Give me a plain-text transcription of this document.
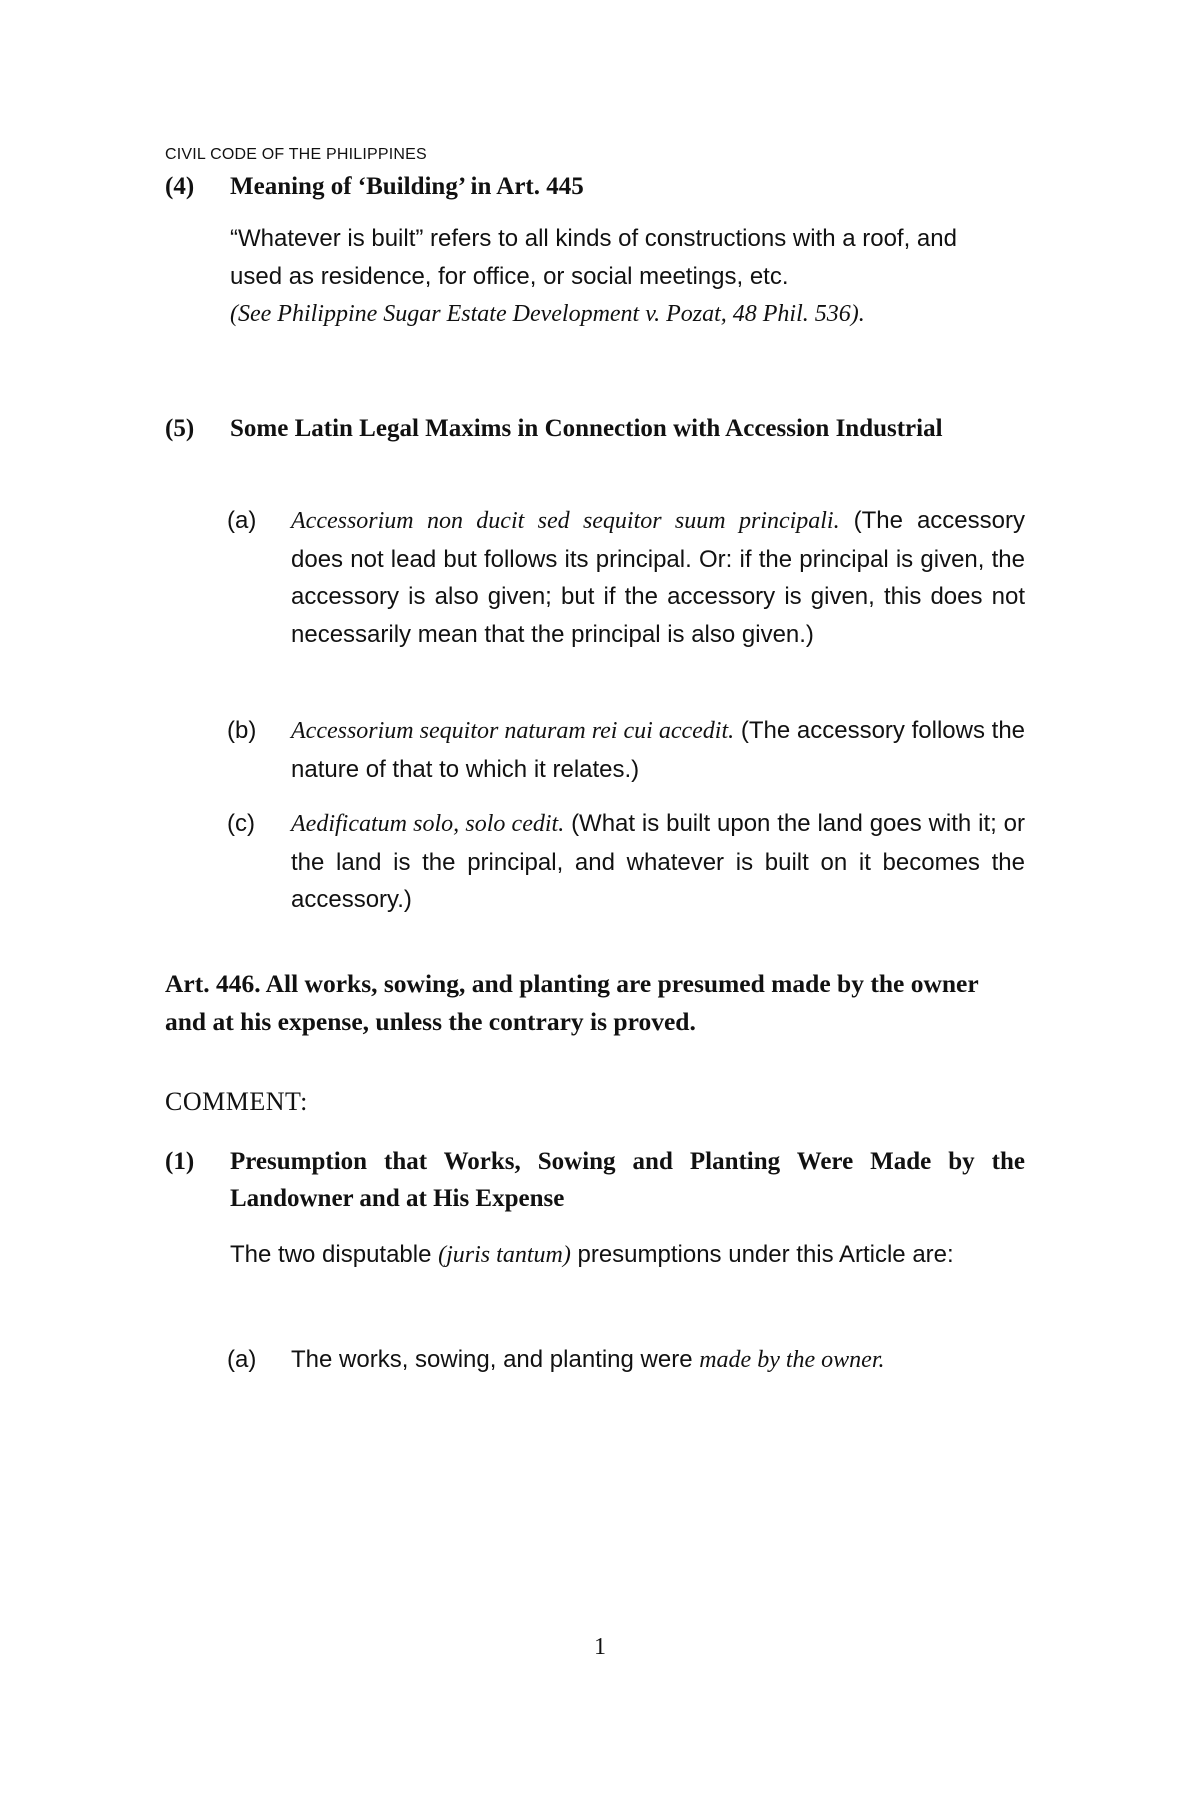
CIVIL CODE OF THE PHILIPPINES
(4) Meaning of ‘Building’ in Art. 445
“Whatever is built” refers to all kinds of constructions with a roof, and used as residence, for office, or social meetings, etc.
(See Philippine Sugar Estate Development v. Pozat, 48 Phil. 536).
(5) Some Latin Legal Maxims in Connection with Accession Industrial
(a) Accessorium non ducit sed sequitor suum principali. (The accessory does not lead but follows its principal. Or: if the principal is given, the accessory is also given; but if the accessory is given, this does not necessarily mean that the principal is also given.)
(b) Accessorium sequitor naturam rei cui accedit. (The accessory follows the nature of that to which it relates.)
(c) Aedificatum solo, solo cedit. (What is built upon the land goes with it; or the land is the principal, and whatever is built on it becomes the accessory.)
Art. 446. All works, sowing, and planting are presumed made by the owner and at his expense, unless the contrary is proved.
COMMENT:
(1) Presumption that Works, Sowing and Planting Were Made by the Landowner and at His Expense
The two disputable (juris tantum) presumptions under this Article are:
(a) The works, sowing, and planting were made by the owner.
1
